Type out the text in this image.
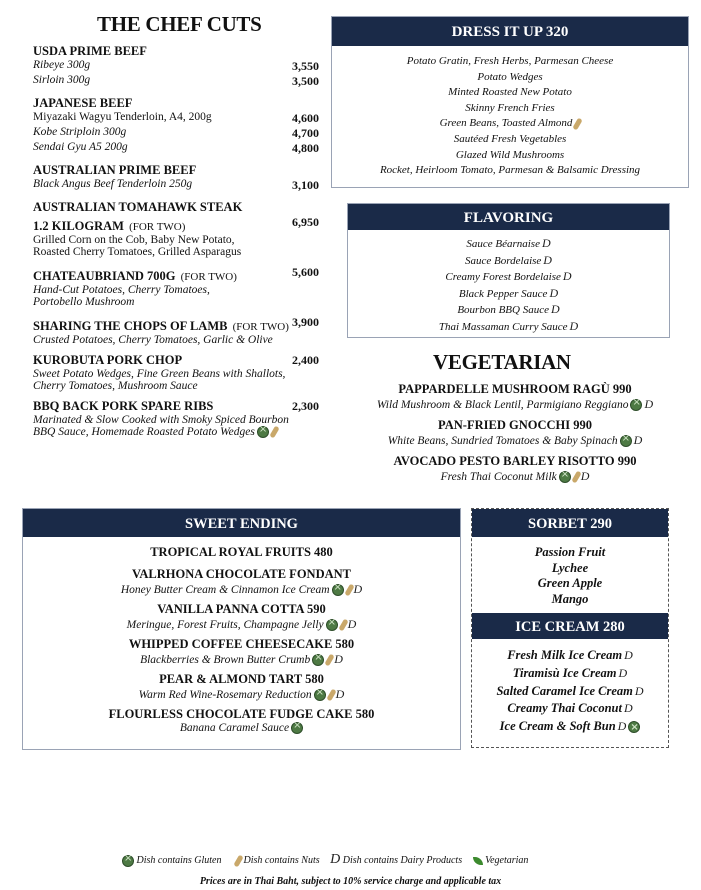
THE CHEF CUTS
USDA PRIME BEEF
Ribeye 300g	3,550
Sirloin 300g	3,500
JAPANESE BEEF
Miyazaki Wagyu Tenderloin, A4, 200g	4,600
Kobe Striploin 300g	4,700
Sendai Gyu A5 200g	4,800
AUSTRALIAN PRIME BEEF
Black Angus Beef Tenderloin 250g	3,100
AUSTRALIAN TOMAHAWK STEAK
1.2 KILOGRAM (FOR TWO)	6,950
Grilled Corn on the Cob, Baby New Potato,
Roasted Cherry Tomatoes, Grilled Asparagus
CHATEAUBRIAND 700G (FOR TWO)	5,600
Hand-Cut Potatoes, Cherry Tomatoes,
Portobello Mushroom
SHARING THE CHOPS OF LAMB (FOR TWO) 3,900
Crusted Potatoes, Cherry Tomatoes, Garlic & Olive
KUROBUTA PORK CHOP	2,400
Sweet Potato Wedges, Fine Green Beans with Shallots,
Cherry Tomatoes, Mushroom Sauce
BBQ BACK PORK SPARE RIBS	2,300
Marinated & Slow Cooked with Smoky Spiced Bourbon
BBQ Sauce, Homemade Roasted Potato Wedges×
DRESS IT UP 320
Potato Gratin, Fresh Herbs, Parmesan Cheese
Potato Wedges
Minted Roasted New Potato
Skinny French Fries
Green Beans, Toasted Almond
Sautéed Fresh Vegetables
Glazed Wild Mushrooms
Rocket, Heirloom Tomato, Parmesan & Balsamic Dressing
FLAVORING
Sauce Béarnaise D
Sauce Bordelaise D
Creamy Forest Bordelaise D
Black Pepper Sauce D
Bourbon BBQ Sauce D
Thai Massaman Curry Sauce D
VEGETARIAN
PAPPARDELLE MUSHROOM RAGÙ 990
Wild Mushroom & Black Lentil, Parmigiano Reggiano × D
PAN-FRIED GNOCCHI 990
White Beans, Sundried Tomatoes & Baby Spinach × D
AVOCADO PESTO BARLEY RISOTTO 990
Fresh Thai Coconut Milk × D
SWEET ENDING
TROPICAL ROYAL FRUITS 480
VALRHONA CHOCOLATE FONDANT
Honey Butter Cream & Cinnamon Ice Cream × D
VANILLA PANNA COTTA 590
Meringue, Forest Fruits, Champagne Jelly × D
WHIPPED COFFEE CHEESECAKE 580
Blackberries & Brown Butter Crumb × D
PEAR & ALMOND TART 580
Warm Red Wine-Rosemary Reduction × D
FLOURLESS CHOCOLATE FUDGE CAKE 580
Banana Caramel Sauce×
SORBET 290
Passion Fruit
Lychee
Green Apple
Mango
ICE CREAM 280
Fresh Milk Ice Cream D
Tiramisù Ice Cream D
Salted Caramel Ice Cream D
Creamy Thai Coconut D
Ice Cream & Soft Bun D×
× Dish contains Gluten Dish contains Nuts D Dish contains Dairy Products Vegetarian
Prices are in Thai Baht, subject to 10% service charge and applicable tax
